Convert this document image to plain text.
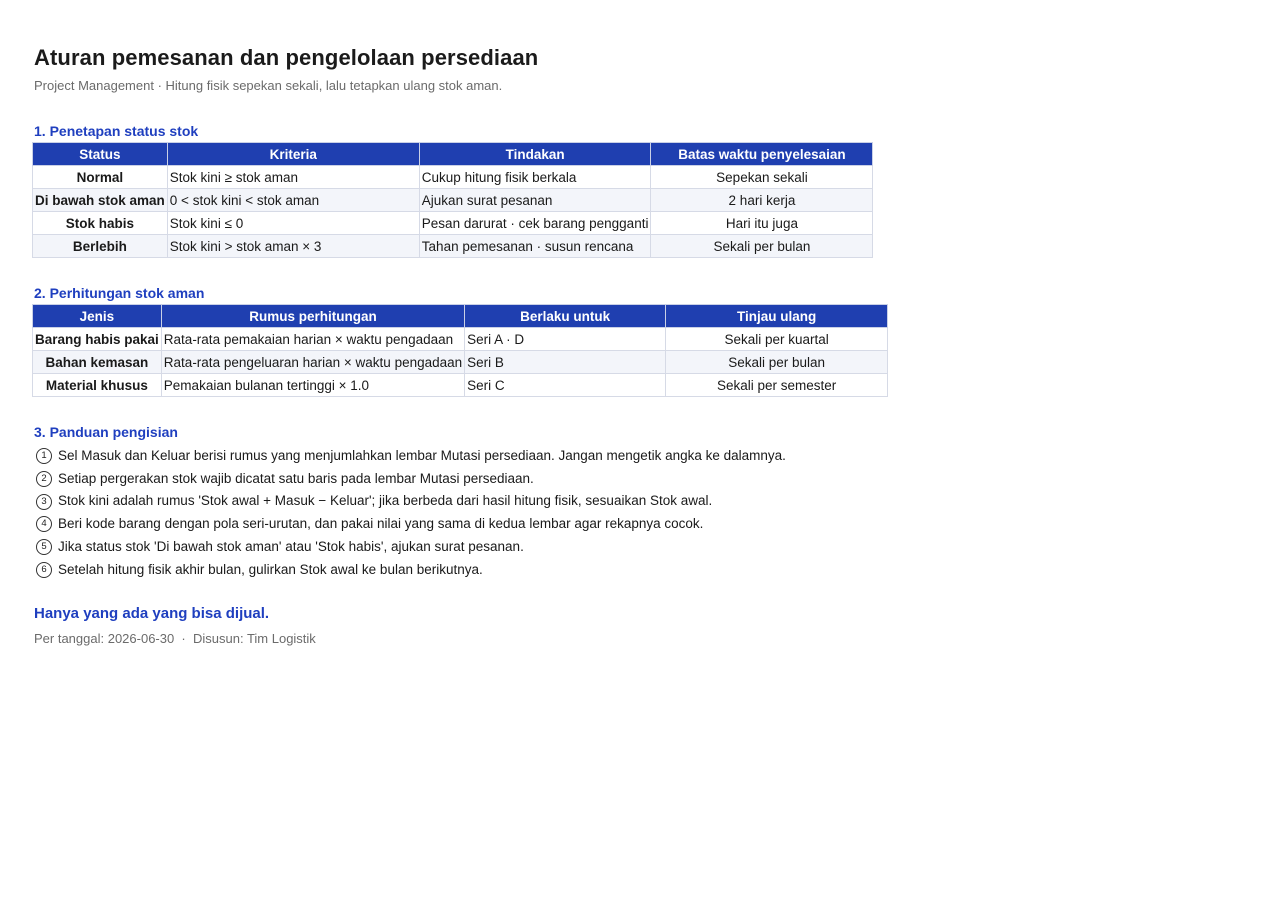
Aturan pemesanan dan pengelolaan persediaan
Project Management · Hitung fisik sepekan sekali, lalu tetapkan ulang stok aman.
1. Penetapan status stok
Status	Kriteria	Tindakan	Batas waktu penyelesaian
Normal	Stok kini ≥ stok aman	Cukup hitung fisik berkala	Sepekan sekali
Di bawah stok aman	0 < stok kini < stok aman	Ajukan surat pesanan	2 hari kerja
Stok habis	Stok kini ≤ 0	Pesan darurat · cek barang pengganti	Hari itu juga
Berlebih	Stok kini > stok aman × 3	Tahan pemesanan · susun rencana	Sekali per bulan
2. Perhitungan stok aman
Jenis	Rumus perhitungan	Berlaku untuk	Tinjau ulang
Barang habis pakai	Rata-rata pemakaian harian × waktu pengadaan	Seri A · D	Sekali per kuartal
Bahan kemasan	Rata-rata pengeluaran harian × waktu pengadaan	Seri B	Sekali per bulan
Material khusus	Pemakaian bulanan tertinggi × 1.0	Seri C	Sekali per semester
3. Panduan pengisian
1 Sel Masuk dan Keluar berisi rumus yang menjumlahkan lembar Mutasi persediaan. Jangan mengetik angka ke dalamnya.
2 Setiap pergerakan stok wajib dicatat satu baris pada lembar Mutasi persediaan.
3 Stok kini adalah rumus 'Stok awal + Masuk − Keluar'; jika berbeda dari hasil hitung fisik, sesuaikan Stok awal.
4 Beri kode barang dengan pola seri-urutan, dan pakai nilai yang sama di kedua lembar agar rekapnya cocok.
5 Jika status stok 'Di bawah stok aman' atau 'Stok habis', ajukan surat pesanan.
6 Setelah hitung fisik akhir bulan, gulirkan Stok awal ke bulan berikutnya.
Hanya yang ada yang bisa dijual.
Per tanggal: 2026-06-30  ·  Disusun: Tim Logistik
